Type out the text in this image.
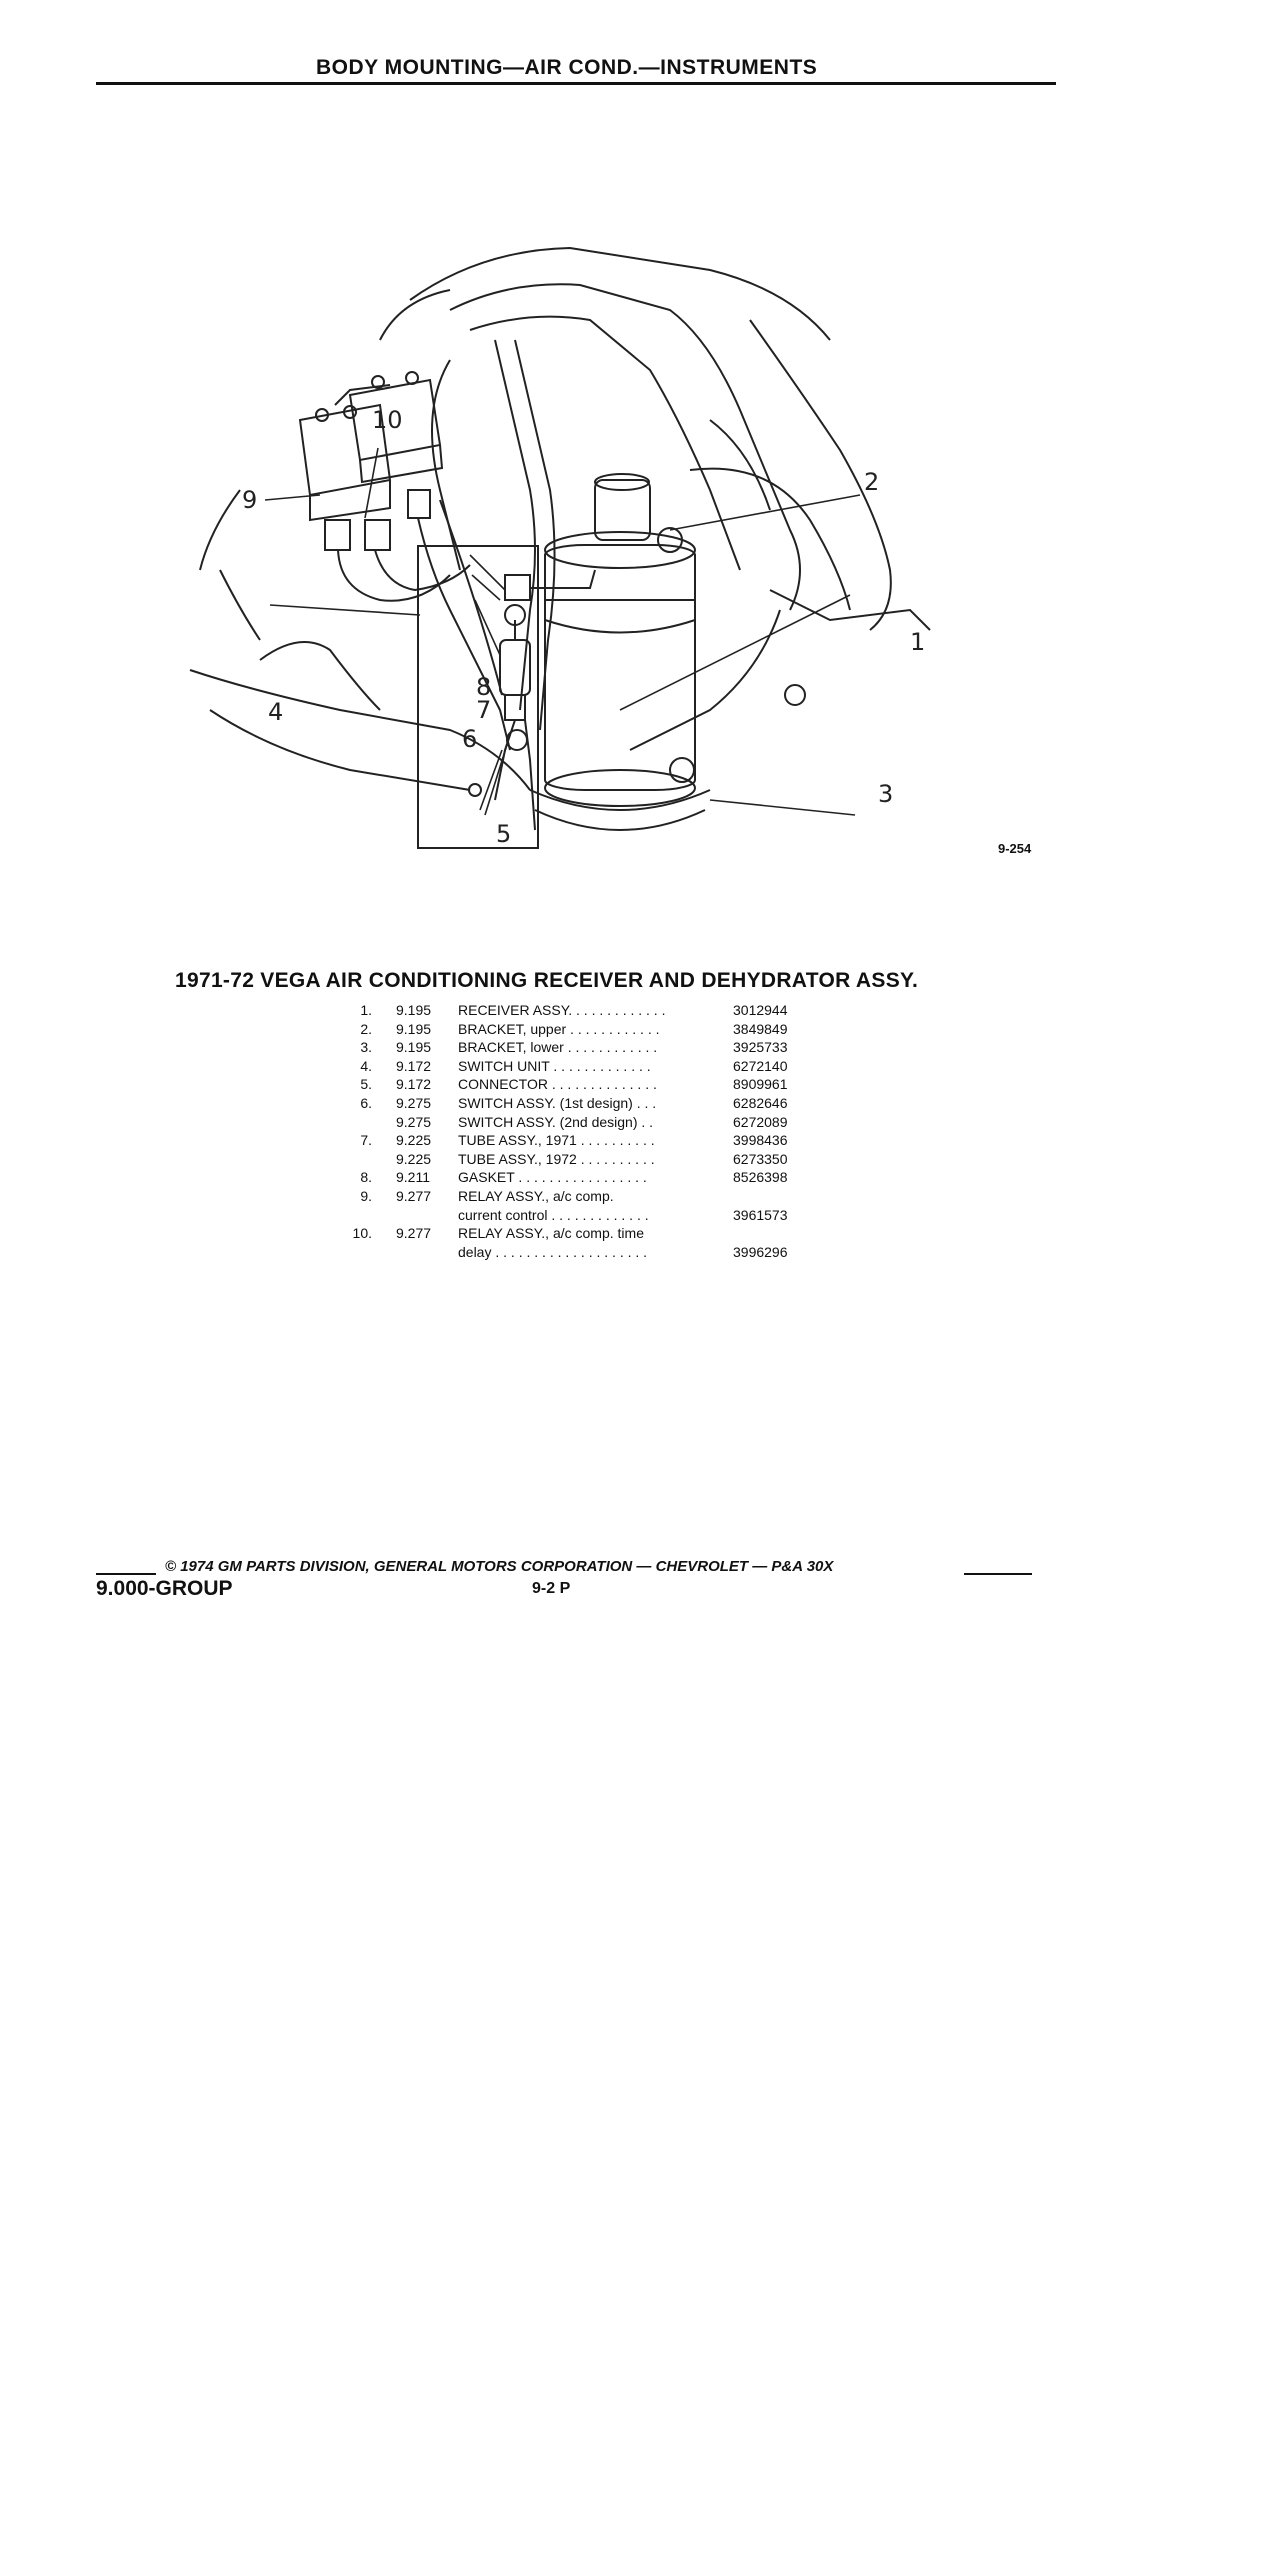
BODY MOUNTING—AIR COND.—INSTRUMENTS
10
9
4
8
7
6
5
1
2
3
9-254
1971-72 VEGA AIR CONDITIONING RECEIVER AND DEHYDRATOR ASSY.
1.	9.195	RECEIVER ASSY. . . . . . . . . . . . .	3012944
2.	9.195	BRACKET, upper . . . . . . . . . . . .	3849849
3.	9.195	BRACKET, lower . . . . . . . . . . . .	3925733
4.	9.172	SWITCH UNIT . . . . . . . . . . . . .	6272140
5.	9.172	CONNECTOR . . . . . . . . . . . . . .	8909961
6.	9.275	SWITCH ASSY. (1st design) . . .	6282646
9.275	SWITCH ASSY. (2nd design) . .	6272089
7.	9.225	TUBE ASSY., 1971 . . . . . . . . . .	3998436
9.225	TUBE ASSY., 1972 . . . . . . . . . .	6273350
8.	9.211	GASKET . . . . . . . . . . . . . . . . .	8526398
9.	9.277	RELAY ASSY., a/c comp.
current control . . . . . . . . . . . . .	3961573
10.	9.277	RELAY ASSY., a/c comp. time
delay . . . . . . . . . . . . . . . . . . . .	3996296
© 1974 GM PARTS DIVISION, GENERAL MOTORS CORPORATION — CHEVROLET — P&A 30X
9.000-GROUP	9-2 P
